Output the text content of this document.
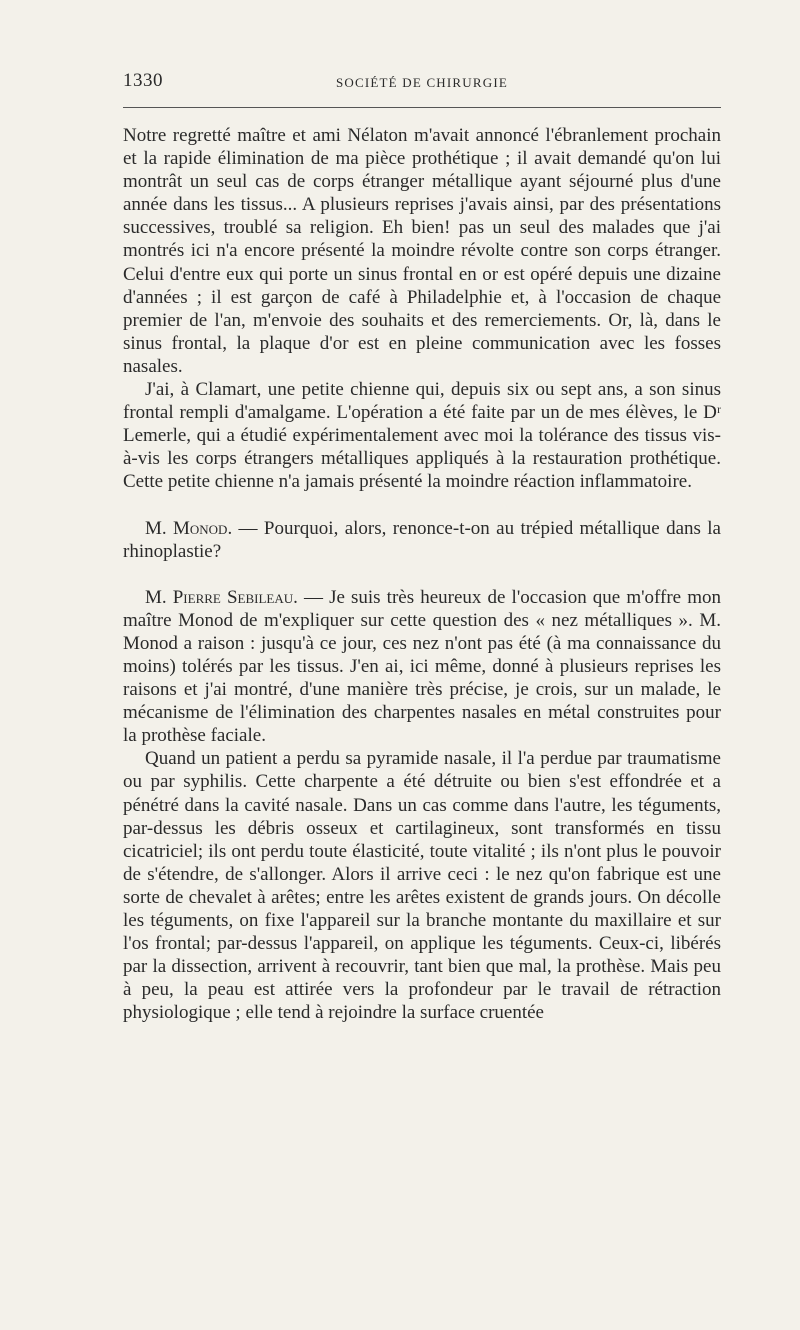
1330	SOCIÉTÉ DE CHIRURGIE

Notre regretté maître et ami Nélaton m'avait annoncé l'ébranlement prochain et la rapide élimination de ma pièce prothétique ; il avait demandé qu'on lui montrât un seul cas de corps étranger métallique ayant séjourné plus d'une année dans les tissus... A plusieurs reprises j'avais ainsi, par des présentations successives, troublé sa religion. Eh bien! pas un seul des malades que j'ai montrés ici n'a encore présenté la moindre révolte contre son corps étranger. Celui d'entre eux qui porte un sinus frontal en or est opéré depuis une dizaine d'années ; il est garçon de café à Philadelphie et, à l'occasion de chaque premier de l'an, m'envoie des souhaits et des remerciements. Or, là, dans le sinus frontal, la plaque d'or est en pleine communication avec les fosses nasales.

J'ai, à Clamart, une petite chienne qui, depuis six ou sept ans, a son sinus frontal rempli d'amalgame. L'opération a été faite par un de mes élèves, le Dʳ Lemerle, qui a étudié expérimentalement avec moi la tolérance des tissus vis-à-vis les corps étrangers métalliques appliqués à la restauration prothétique. Cette petite chienne n'a jamais présenté la moindre réaction inflammatoire.

M. Monod. — Pourquoi, alors, renonce-t-on au trépied métallique dans la rhinoplastie?

M. Pierre Sebileau. — Je suis très heureux de l'occasion que m'offre mon maître Monod de m'expliquer sur cette question des « nez métalliques ». M. Monod a raison : jusqu'à ce jour, ces nez n'ont pas été (à ma connaissance du moins) tolérés par les tissus. J'en ai, ici même, donné à plusieurs reprises les raisons et j'ai montré, d'une manière très précise, je crois, sur un malade, le mécanisme de l'élimination des charpentes nasales en métal construites pour la prothèse faciale.

Quand un patient a perdu sa pyramide nasale, il l'a perdue par traumatisme ou par syphilis. Cette charpente a été détruite ou bien s'est effondrée et a pénétré dans la cavité nasale. Dans un cas comme dans l'autre, les téguments, par-dessus les débris osseux et cartilagineux, sont transformés en tissu cicatriciel; ils ont perdu toute élasticité, toute vitalité ; ils n'ont plus le pouvoir de s'étendre, de s'allonger. Alors il arrive ceci : le nez qu'on fabrique est une sorte de chevalet à arêtes; entre les arêtes existent de grands jours. On décolle les téguments, on fixe l'appareil sur la branche montante du maxillaire et sur l'os frontal; par-dessus l'appareil, on applique les téguments. Ceux-ci, libérés par la dissection, arrivent à recouvrir, tant bien que mal, la prothèse. Mais peu à peu, la peau est attirée vers la profondeur par le travail de rétraction physiologique ; elle tend à rejoindre la surface cruentée
